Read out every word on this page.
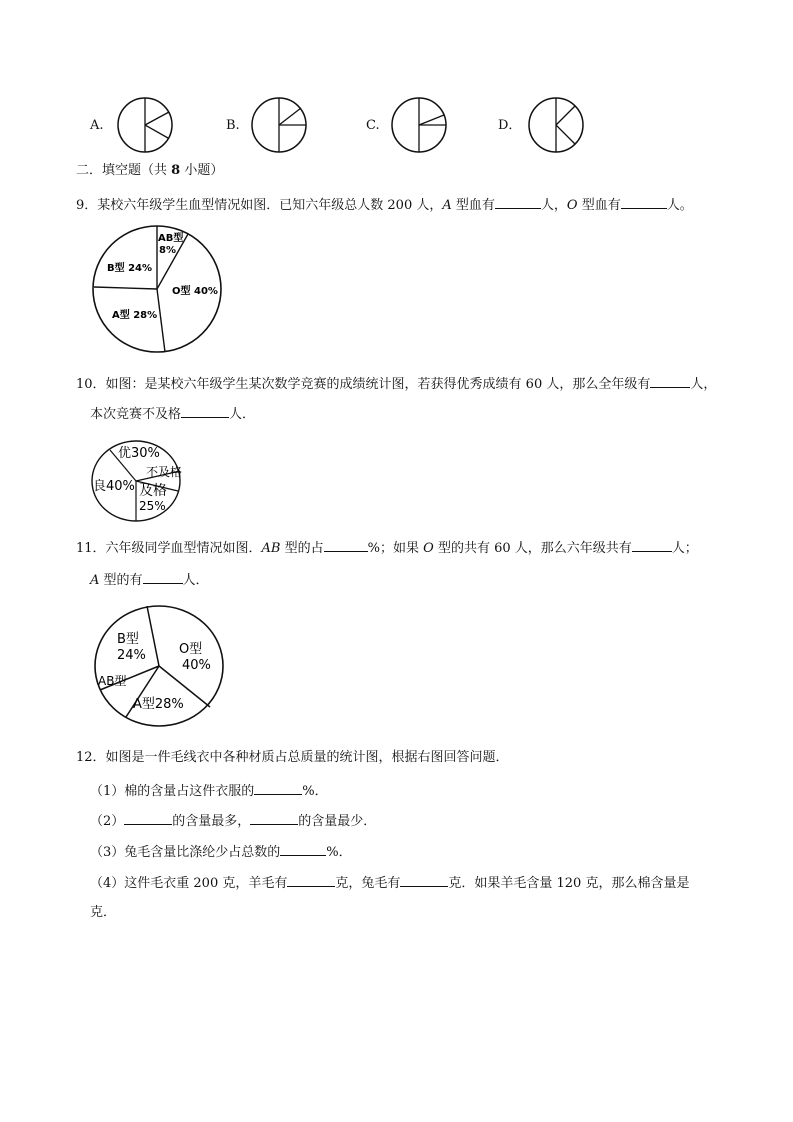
A.	B.	C.	D．
二．填空题（共 8 小题）
9．某校六年级学生血型情况如图．已知六年级总人数 200 人，A 型血有	人，O 型血有	人。
AB型
8%
B型 24%
O型 40%
A型 28%
10．如图：是某校六年级学生某次数学竞赛的成绩统计图，若获得优秀成绩有 60 人，那么全年级有	人，
本次竞赛不及格	人．
优30%
不及格
良40% 及格
25%
11．六年级同学血型情况如图．AB 型的占	%；如果 O 型的共有 60 人，那么六年级共有	人；
A 型的有	人．
B型
24%	O型
40%
AB型
A型28%
12．如图是一件毛线衣中各种材质占总质量的统计图，根据右图回答问题．
（1）棉的含量占这件衣服的	%．
（2）	的含量最多，	的含量最少．
（3）兔毛含量比涤纶少占总数的	%．
（4）这件毛衣重 200 克，羊毛有	克，兔毛有	克．如果羊毛含量 120 克，那么棉含量是
克．
